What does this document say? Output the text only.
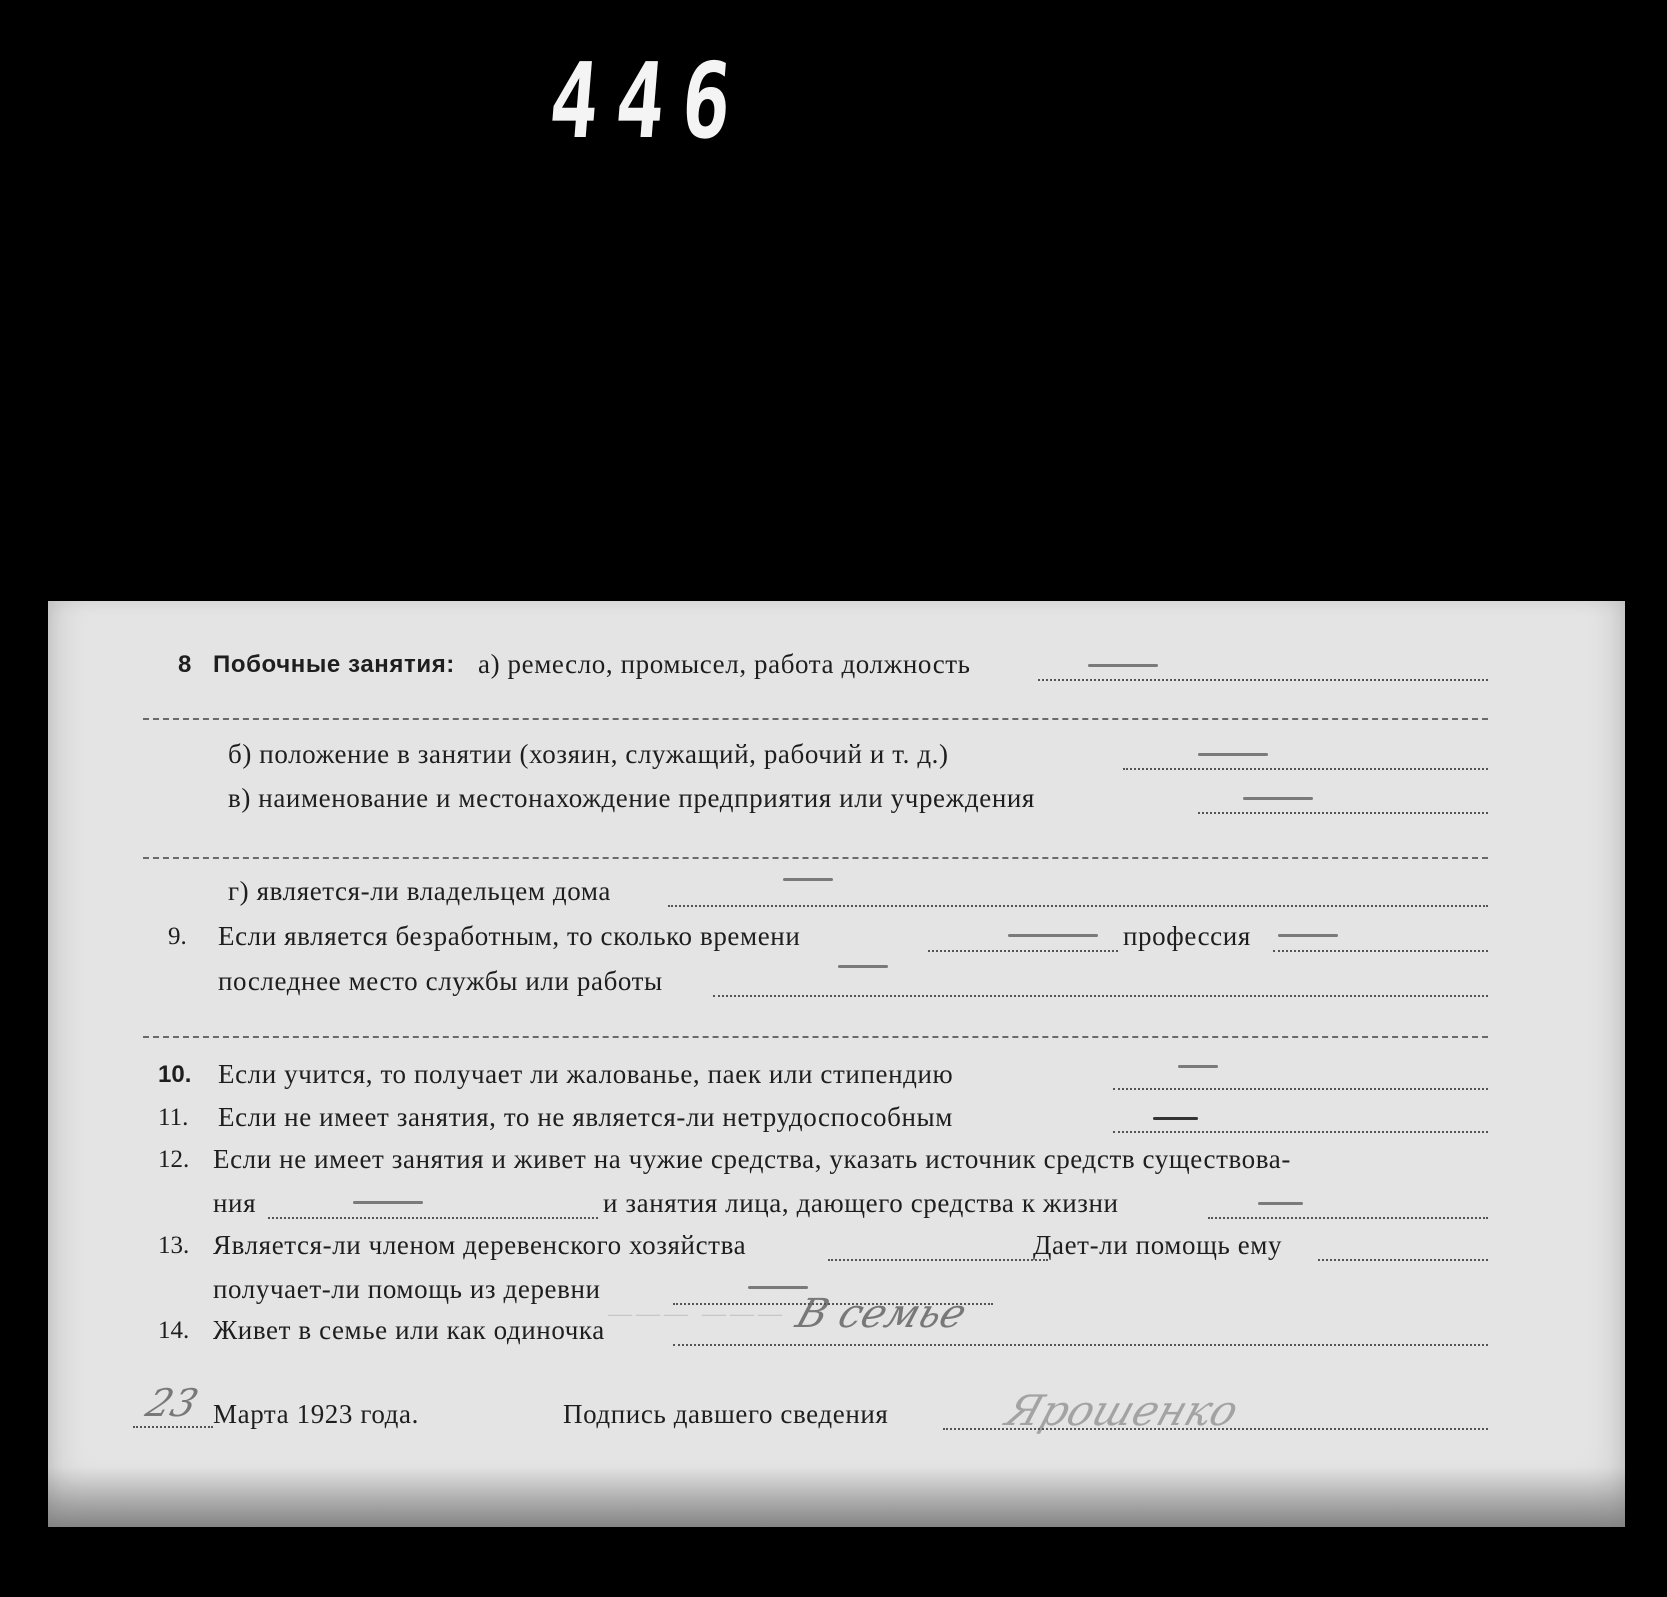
446
——— ———
8 Побочные занятия: а) ремесло, промысел, работа должность
б) положение в занятии (хозяин, служащий, рабочий и т. д.)
в) наименование и местонахождение предприятия или учреждения
г) является-ли владельцем дома
9. Если является безработным, то сколько времени	профессия
последнее место службы или работы
10. Если учится, то получает ли жалованье, паек или стипендию
11. Если не имеет занятия, то не является-ли нетрудоспособным
12. Если не имеет занятия и живет на чужие средства, указать источник средств существова-
ния	и занятия лица, дающего средства к жизни
13. Является-ли членом деревенского хозяйства	Дает-ли помощь ему
получает-ли помощь из деревни
14. Живет в семье или как одиночка	В семье
23 Марта 1923 года.	Подпись давшего сведения	Ярошенко
